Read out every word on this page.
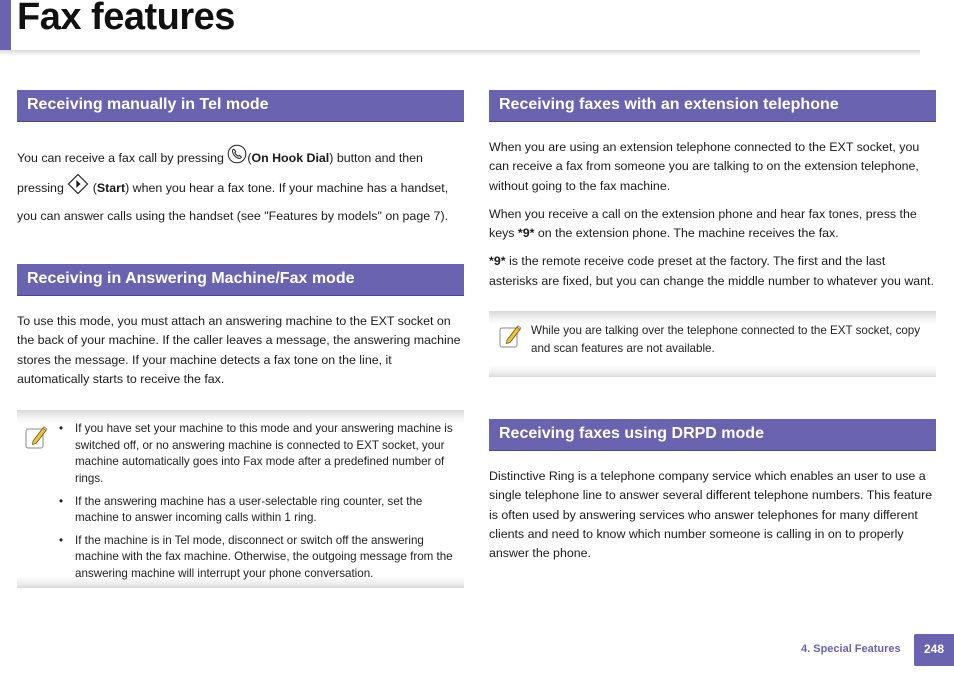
Fax features
Receiving manually in Tel mode

You can receive a fax call by pressing (On Hook Dial) button and then pressing  (Start) when you hear a fax tone. If your machine has a handset, you can answer calls using the handset (see "Features by models" on page 7).

Receiving in Answering Machine/Fax mode

To use this mode, you must attach an answering machine to the EXT socket on the back of your machine. If the caller leaves a message, the answering machine stores the message. If your machine detects a fax tone on the line, it automatically starts to receive the fax.

• If you have set your machine to this mode and your answering machine is switched off, or no answering machine is connected to EXT socket, your machine automatically goes into Fax mode after a predefined number of rings.
• If the answering machine has a user-selectable ring counter, set the machine to answer incoming calls within 1 ring.
• If the machine is in Tel mode, disconnect or switch off the answering machine with the fax machine. Otherwise, the outgoing message from the answering machine will interrupt your phone conversation.
Receiving faxes with an extension telephone

When you are using an extension telephone connected to the EXT socket, you can receive a fax from someone you are talking to on the extension telephone, without going to the fax machine.

When you receive a call on the extension phone and hear fax tones, press the keys *9* on the extension phone. The machine receives the fax.

*9* is the remote receive code preset at the factory. The first and the last asterisks are fixed, but you can change the middle number to whatever you want.

While you are talking over the telephone connected to the EXT socket, copy and scan features are not available.
Receiving faxes using DRPD mode

Distinctive Ring is a telephone company service which enables an user to use a single telephone line to answer several different telephone numbers. This feature is often used by answering services who answer telephones for many different clients and need to know which number someone is calling in on to properly answer the phone.

4. Special Features	248
